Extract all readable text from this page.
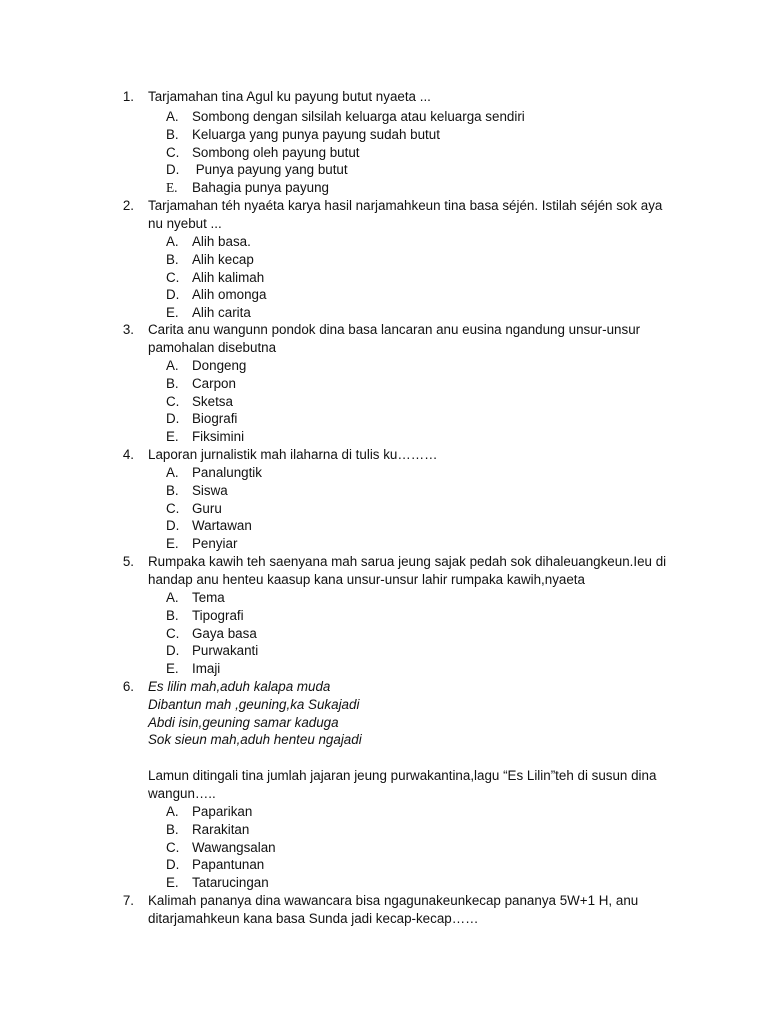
1. Tarjamahan tina Agul ku payung butut nyaeta ...
A. Sombong dengan silsilah keluarga atau keluarga sendiri
B. Keluarga yang punya payung sudah butut
C. Sombong oleh payung butut
D. Punya payung yang butut
E. Bahagia punya payung
2. Tarjamahan téh nyaéta karya hasil narjamahkeun tina basa séjén. Istilah séjén sok aya nu nyebut ...
A. Alih basa.
B. Alih kecap
C. Alih kalimah
D. Alih omonga
E. Alih carita
3. Carita anu wangunn pondok dina basa lancaran anu eusina ngandung unsur-unsur pamohalan disebutna
A. Dongeng
B. Carpon
C. Sketsa
D. Biografi
E. Fiksimini
4. Laporan jurnalistik mah ilaharna di tulis ku………
A. Panalungtik
B. Siswa
C. Guru
D. Wartawan
E. Penyiar
5. Rumpaka kawih teh saenyana mah sarua jeung sajak pedah sok dihaleuangkeun.Ieu di handap anu henteu kaasup kana unsur-unsur lahir rumpaka kawih,nyaeta
A. Tema
B. Tipografi
C. Gaya basa
D. Purwakanti
E. Imaji
6. Es lilin mah,aduh kalapa muda
Dibantun mah ,geuning,ka Sukajadi
Abdi isin,geuning samar kaduga
Sok sieun mah,aduh henteu ngajadi
Lamun ditingali tina jumlah jajaran jeung purwakantina,lagu “Es Lilin”teh di susun dina wangun…..
A. Paparikan
B. Rarakitan
C. Wawangsalan
D. Papantunan
E. Tatarucingan
7. Kalimah pananya dina wawancara bisa ngagunakeunkecap pananya 5W+1 H, anu ditarjamahkeun kana basa Sunda jadi kecap-kecap……
